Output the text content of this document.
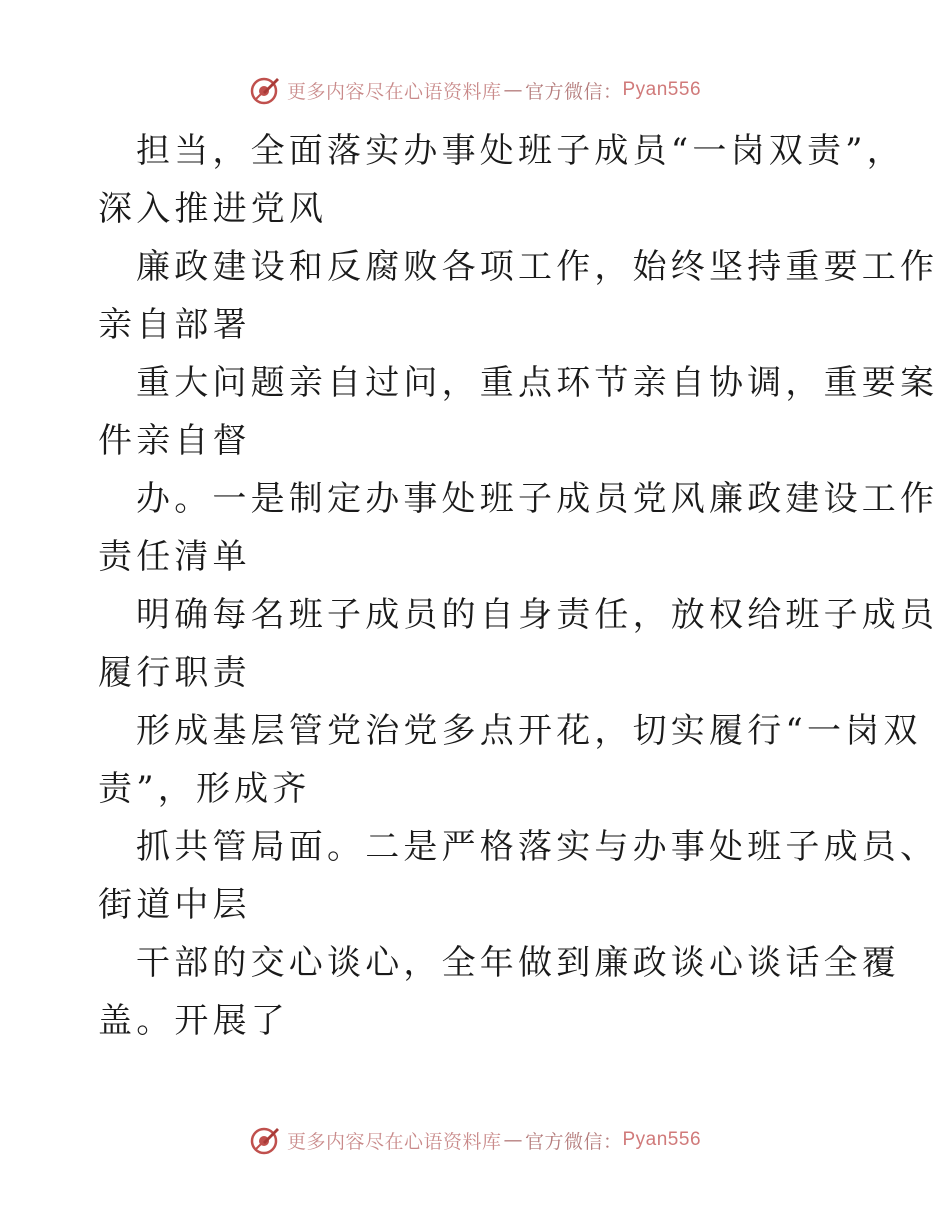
更多内容尽在心语资料库 — 官方微信： Pyan556
担当，全面落实办事处班子成员“一岗双责”，
深入推进党风
廉政建设和反腐败各项工作，始终坚持重要工作
亲自部署
重大问题亲自过问，重点环节亲自协调，重要案
件亲自督
办。一是制定办事处班子成员党风廉政建设工作
责任清单
明确每名班子成员的自身责任，放权给班子成员
履行职责
形成基层管党治党多点开花，切实履行“一岗双
责”，形成齐
抓共管局面。二是严格落实与办事处班子成员、
街道中层
干部的交心谈心，全年做到廉政谈心谈话全覆
盖。开展了
更多内容尽在心语资料库 — 官方微信： Pyan556
